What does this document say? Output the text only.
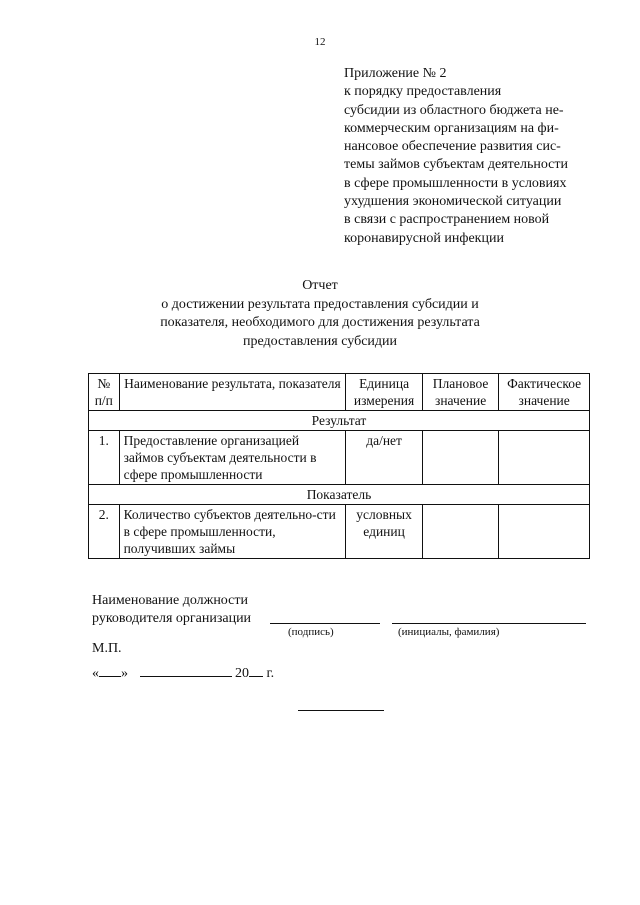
12
Приложение № 2
к порядку предоставления
субсидии из областного бюджета не-
коммерческим организациям на фи-
нансовое обеспечение развития сис-
темы займов субъектам деятельности
в сфере промышленности в условиях
ухудшения экономической ситуации
в связи с распространением новой
коронавирусной инфекции
Отчет
о достижении результата предоставления субсидии и
показателя, необходимого для достижения результата
предоставления субсидии
№ п/п	Наименование результата, показателя	Единица измерения	Плановое значение	Фактическое значение
Результат				
1.	Предоставление организацией займов субъектам деятельности в сфере промышленности	да/нет		
Показатель				
2.	Количество субъектов деятельно-сти в сфере промышленности, получивших займы	условных единиц		
Наименование должности
руководителя организации
(подпись)	(инициалы, фамилия)
М.П.
« »	20 г.
